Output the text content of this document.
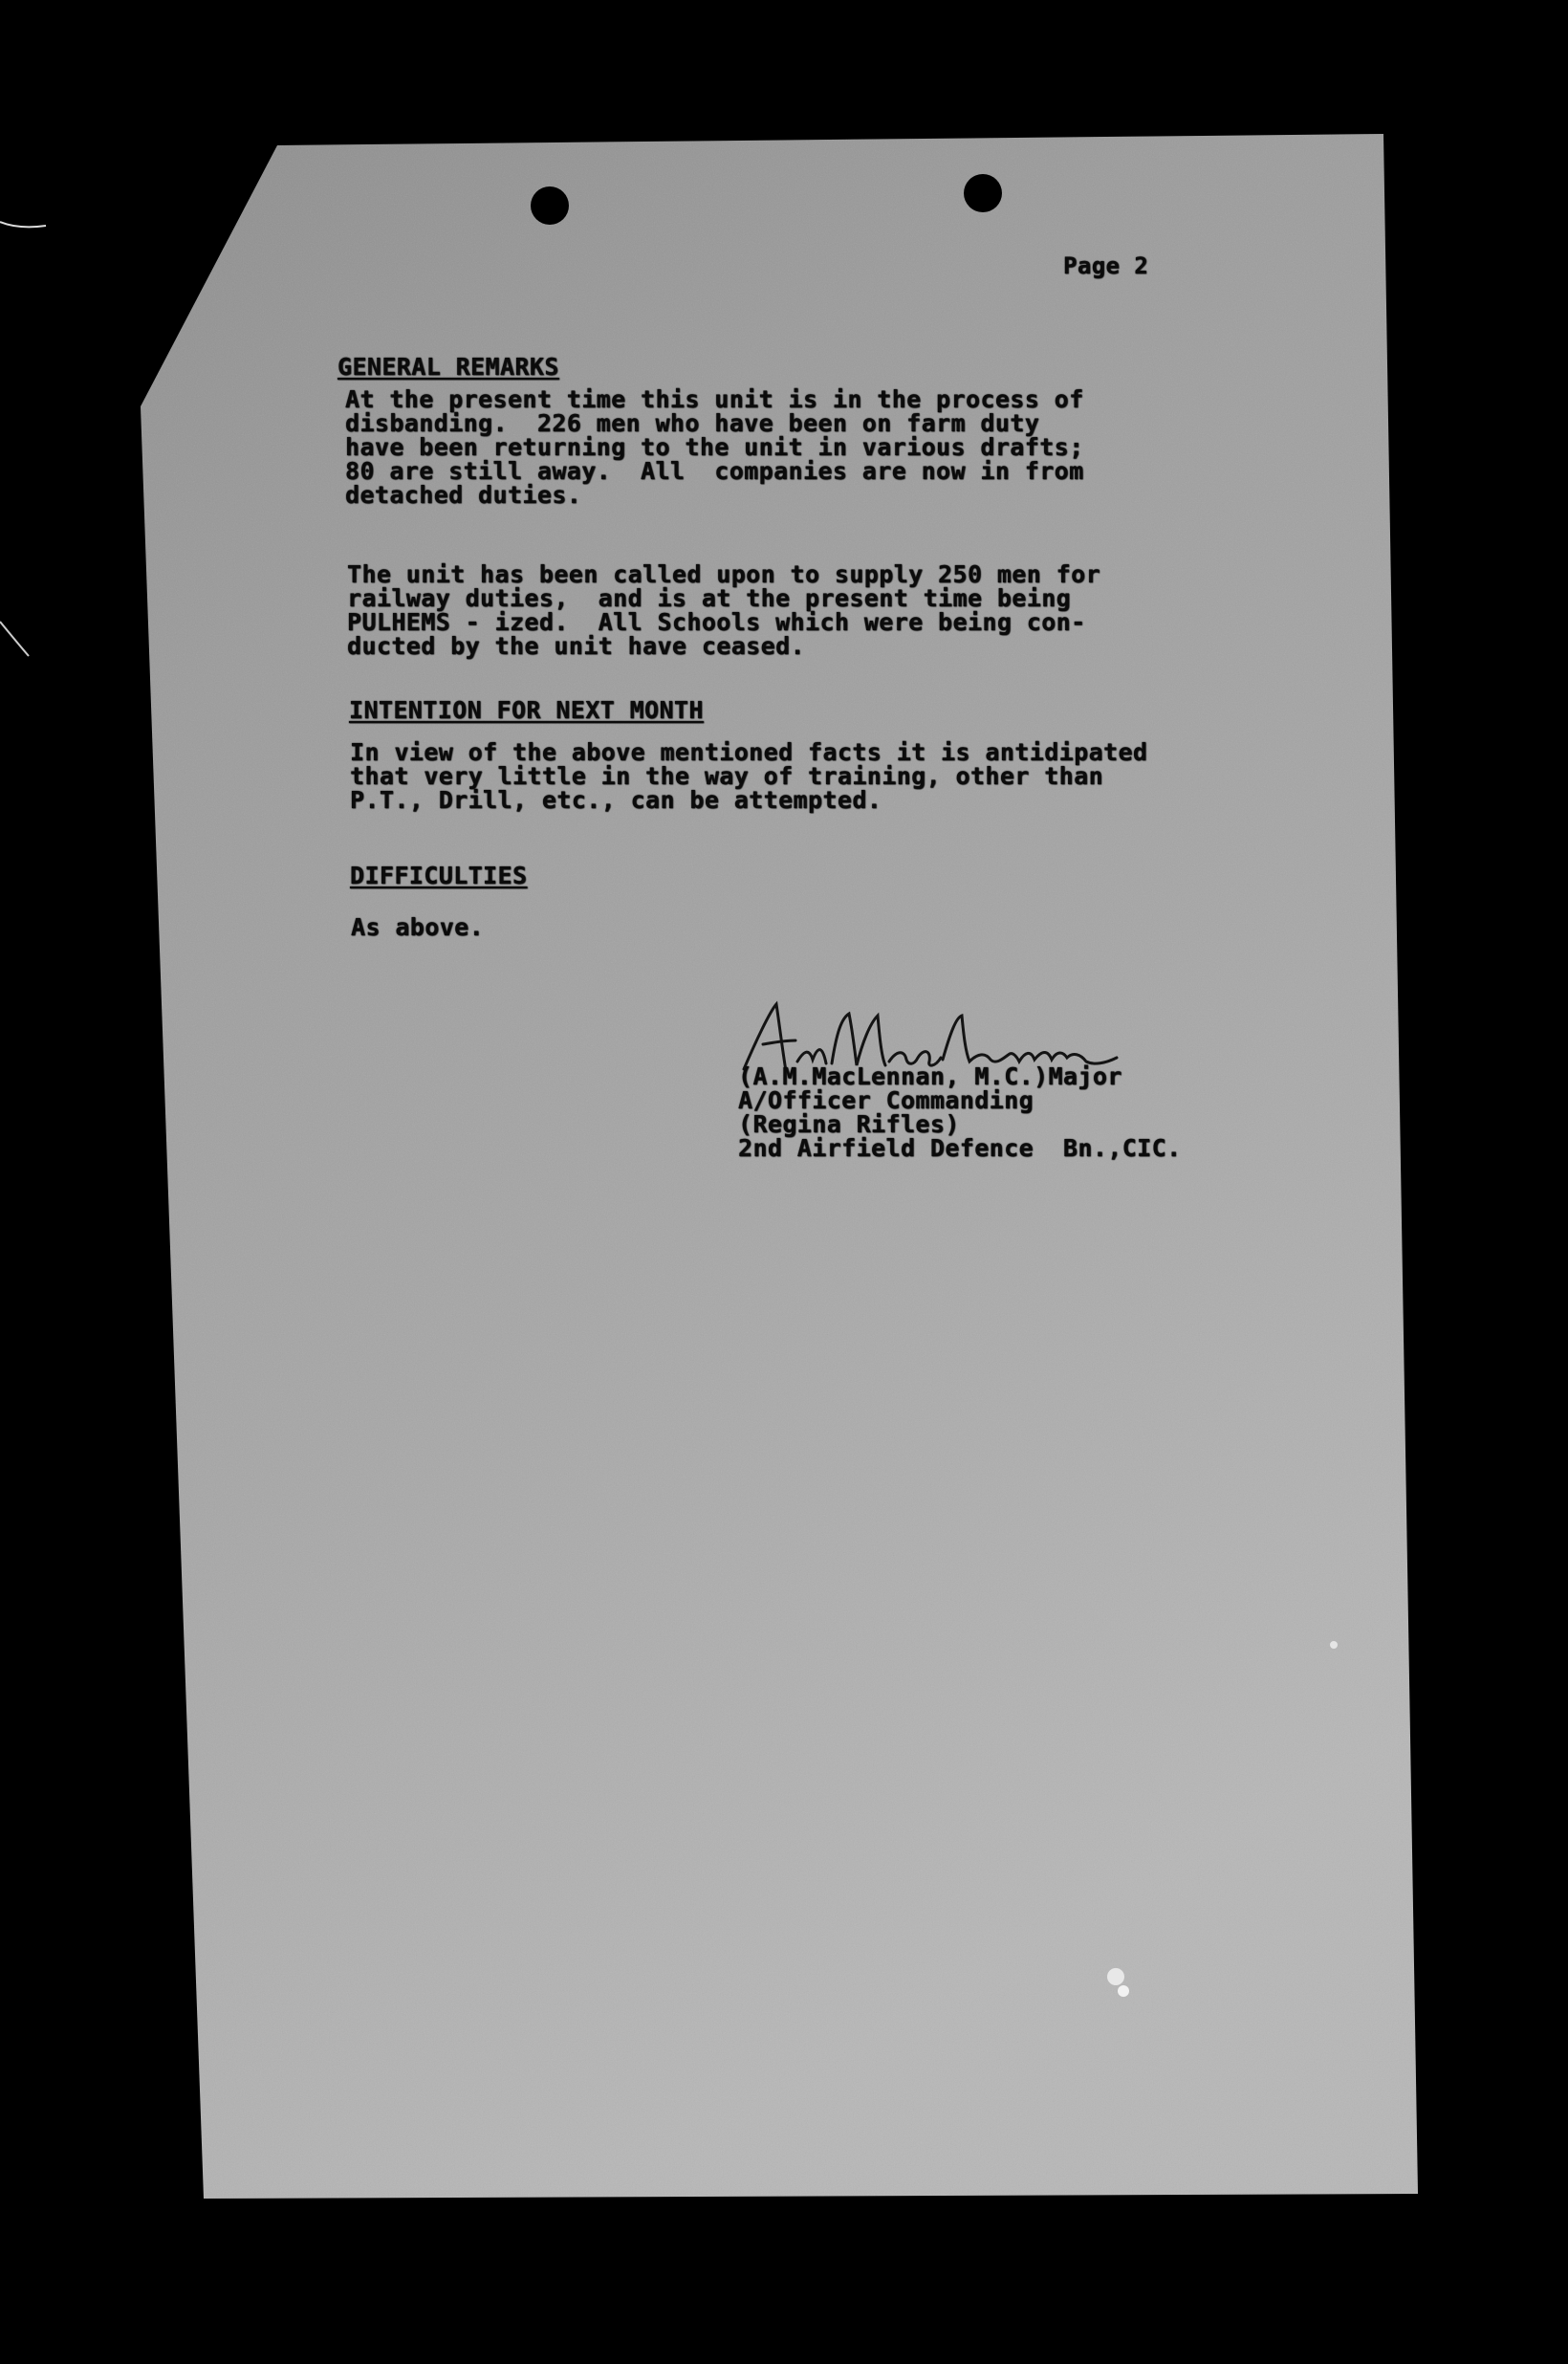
Page 2
GENERAL REMARKS
At the present time this unit is in the process of
disbanding.  226 men who have been on farm duty
have been returning to the unit in various drafts;
80 are still away.  All  companies are now in from
detached duties.
The unit has been called upon to supply 250 men for
railway duties,  and is at the present time being
PULHEMS - ized.  All Schools which were being con-
ducted by the unit have ceased.
INTENTION FOR NEXT MONTH
In view of the above mentioned facts it is antidipated
that very little in the way of training, other than
P.T., Drill, etc., can be attempted.
DIFFICULTIES
As above.
(A.M.MacLennan, M.C.)Major
A/Officer Commanding
(Regina Rifles)
2nd Airfield Defence  Bn.,CIC.
